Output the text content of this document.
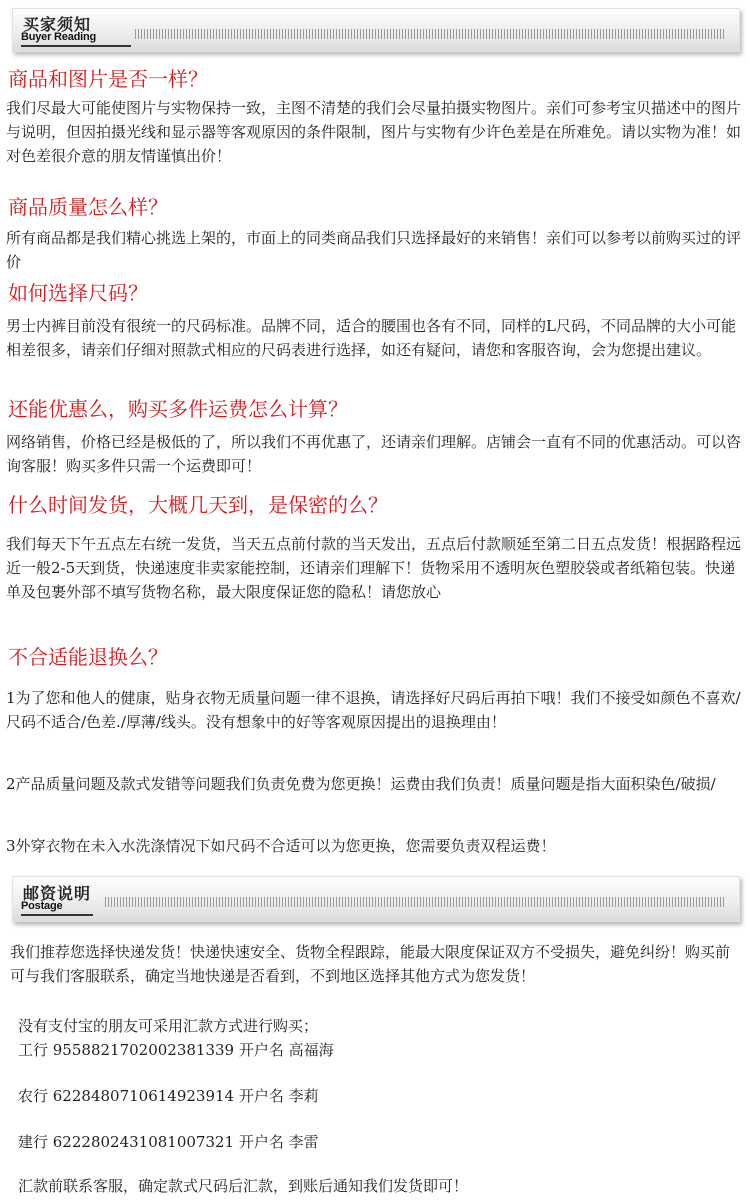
买家须知
Buyer Reading
商品和图片是否一样？

我们尽最大可能使图片与实物保持一致，主图不清楚的我们会尽量拍摄实物图片。亲们可参考宝贝描述中的图片与说明，但因拍摄光线和显示器等客观原因的条件限制，图片与实物有少许色差是在所难免。请以实物为准！如对色差很介意的朋友情谨慎出价！

商品质量怎么样？

所有商品都是我们精心挑选上架的，市面上的同类商品我们只选择最好的来销售！亲们可以参考以前购买过的评价

如何选择尺码？

男士内裤目前没有很统一的尺码标准。品牌不同，适合的腰围也各有不同，同样的L尺码，不同品牌的大小可能相差很多，请亲们仔细对照款式相应的尺码表进行选择，如还有疑问，请您和客服咨询，会为您提出建议。

还能优惠么，购买多件运费怎么计算？

网络销售，价格已经是极低的了，所以我们不再优惠了，还请亲们理解。店铺会一直有不同的优惠活动。可以咨询客服！购买多件只需一个运费即可！

什么时间发货，大概几天到，是保密的么？

我们每天下午五点左右统一发货，当天五点前付款的当天发出，五点后付款顺延至第二日五点发货！根据路程远近一般2-5天到货，快递速度非卖家能控制，还请亲们理解下！货物采用不透明灰色塑胶袋或者纸箱包装。快递单及包裹外部不填写货物名称，最大限度保证您的隐私！请您放心

不合适能退换么？

1为了您和他人的健康，贴身衣物无质量问题一律不退换，请选择好尺码后再拍下哦！我们不接受如颜色不喜欢/尺码不适合/色差./厚薄/线头。没有想象中的好等客观原因提出的退换理由！

2产品质量问题及款式发错等问题我们负责免费为您更换！运费由我们负责！质量问题是指大面积染色/破损/

3外穿衣物在未入水洗涤情况下如尺码不合适可以为您更换，您需要负责双程运费！

邮资说明
Postage

我们推荐您选择快递发货！快递快速安全、货物全程跟踪，能最大限度保证双方不受损失，避免纠纷！购买前可与我们客服联系，确定当地快递是否看到，不到地区选择其他方式为您发货！

没有支付宝的朋友可采用汇款方式进行购买；

工行 9558821702002381339 开户名 高福海

农行 6228480710614923914 开户名 李莉

建行 6222802431081007321 开户名 李雷

汇款前联系客服，确定款式尺码后汇款，到账后通知我们发货即可！
